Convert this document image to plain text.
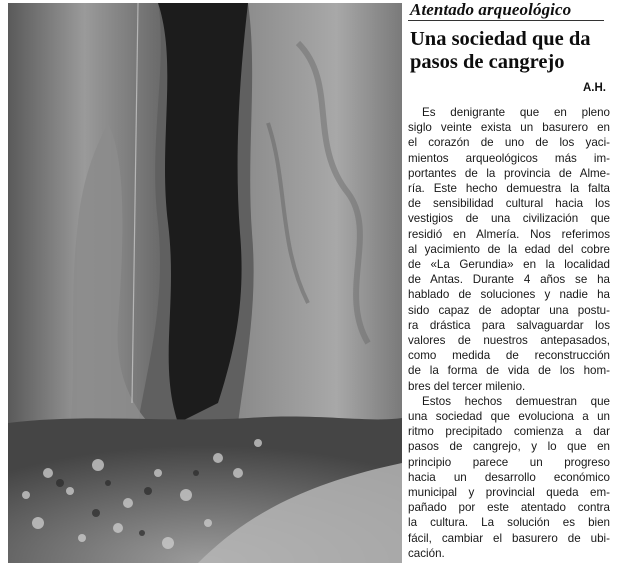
Atentado arqueológico
Una sociedad que da
pasos de cangrejo
A.H.
Es denigrante que en pleno
siglo veinte exista un basurero en
el corazón de uno de los yaci-
mientos arqueológicos más im-
portantes de la provincia de Alme-
ría. Este hecho demuestra la falta
de sensibilidad cultural hacia los
vestigios de una civilización que
residió en Almería. Nos referimos
al yacimiento de la edad del cobre
de «La Gerundia» en la localidad
de Antas. Durante 4 años se ha
hablado de soluciones y nadie ha
sido capaz de adoptar una postu-
ra drástica para salvaguardar los
valores de nuestros antepasados,
como medida de reconstrucción
de la forma de vida de los hom-
bres del tercer milenio.
Estos hechos demuestran que
una sociedad que evoluciona a un
ritmo precipitado comienza a dar
pasos de cangrejo, y lo que en
principio parece un progreso
hacia un desarrollo económico
municipal y provincial queda em-
pañado por este atentado contra
la cultura. La solución es bien
fácil, cambiar el basurero de ubi-
cación.
